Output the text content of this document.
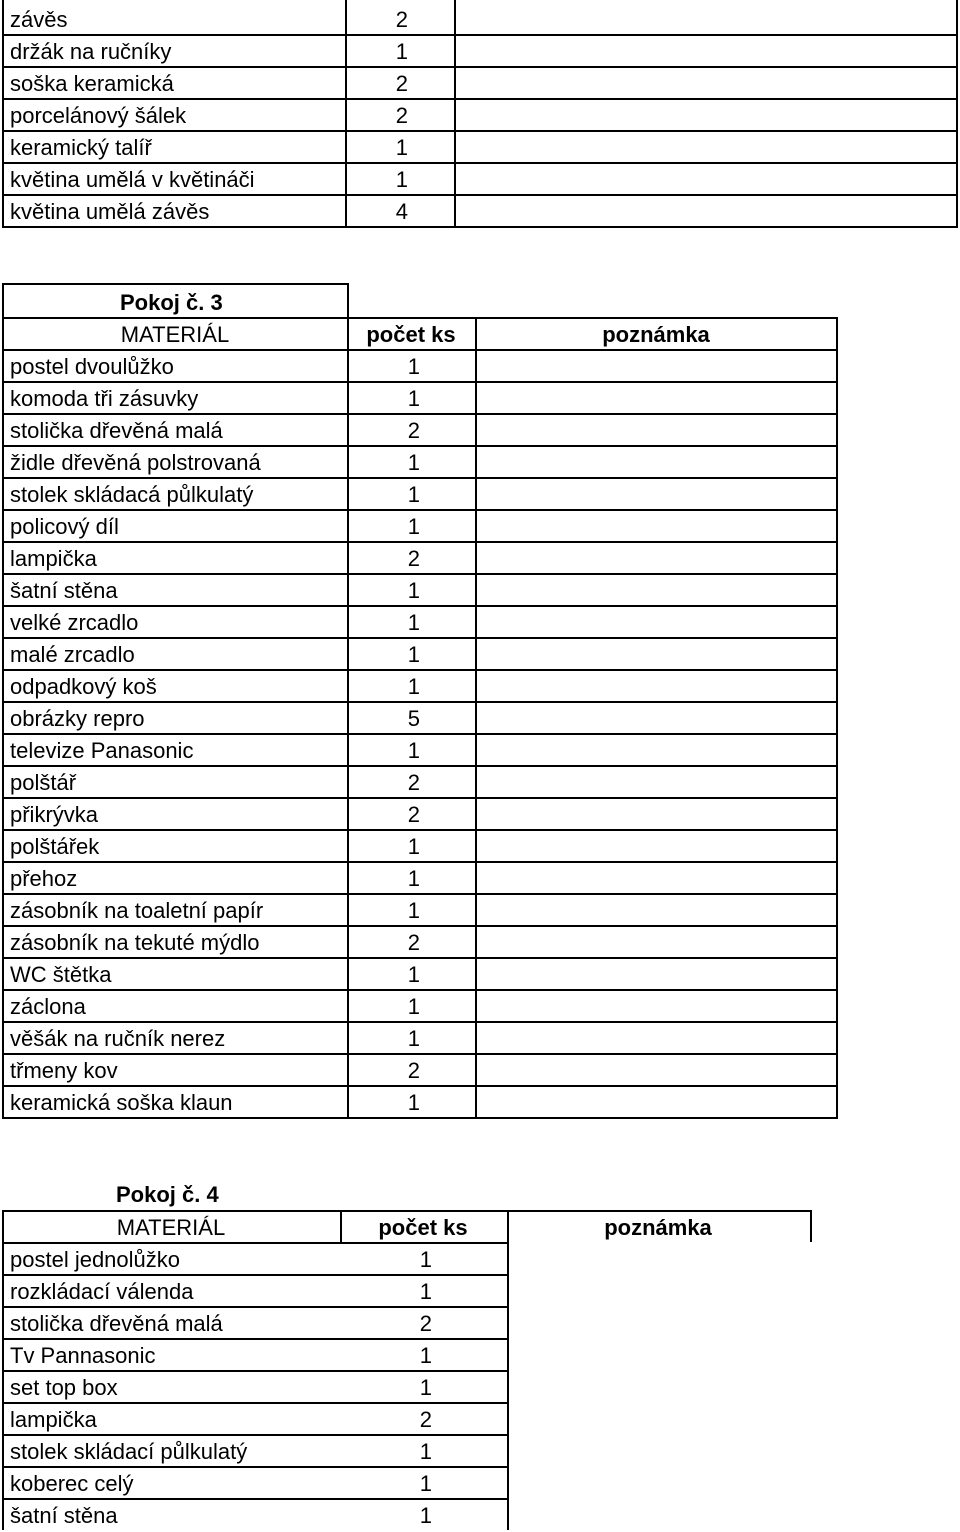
závěs	2
držák na ručníky	1
soška keramická	2
porcelánový šálek	2
keramický talíř	1
květina umělá v květináči	1
květina umělá závěs	4
Pokoj č. 3
MATERIÁL	počet ks	poznámka
postel dvoulůžko	1
komoda tři zásuvky	1
stolička dřevěná malá	2
židle dřevěná polstrovaná	1
stolek skládacá půlkulatý	1
policový díl	1
lampička	2
šatní stěna	1
velké zrcadlo	1
malé zrcadlo	1
odpadkový koš	1
obrázky repro	5
televize Panasonic	1
polštář	2
přikrývka	2
polštářek	1
přehoz	1
zásobník na toaletní papír	1
zásobník na tekuté mýdlo	2
WC štětka	1
záclona	1
věšák na ručník nerez	1
třmeny kov	2
keramická soška klaun	1
Pokoj č. 4
MATERIÁL	počet ks	poznámka
postel jednolůžko	1
rozkládací válenda	1
stolička dřevěná malá	2
Tv Pannasonic	1
set top box	1
lampička	2
stolek skládací půlkulatý	1
koberec celý	1
šatní stěna	1
